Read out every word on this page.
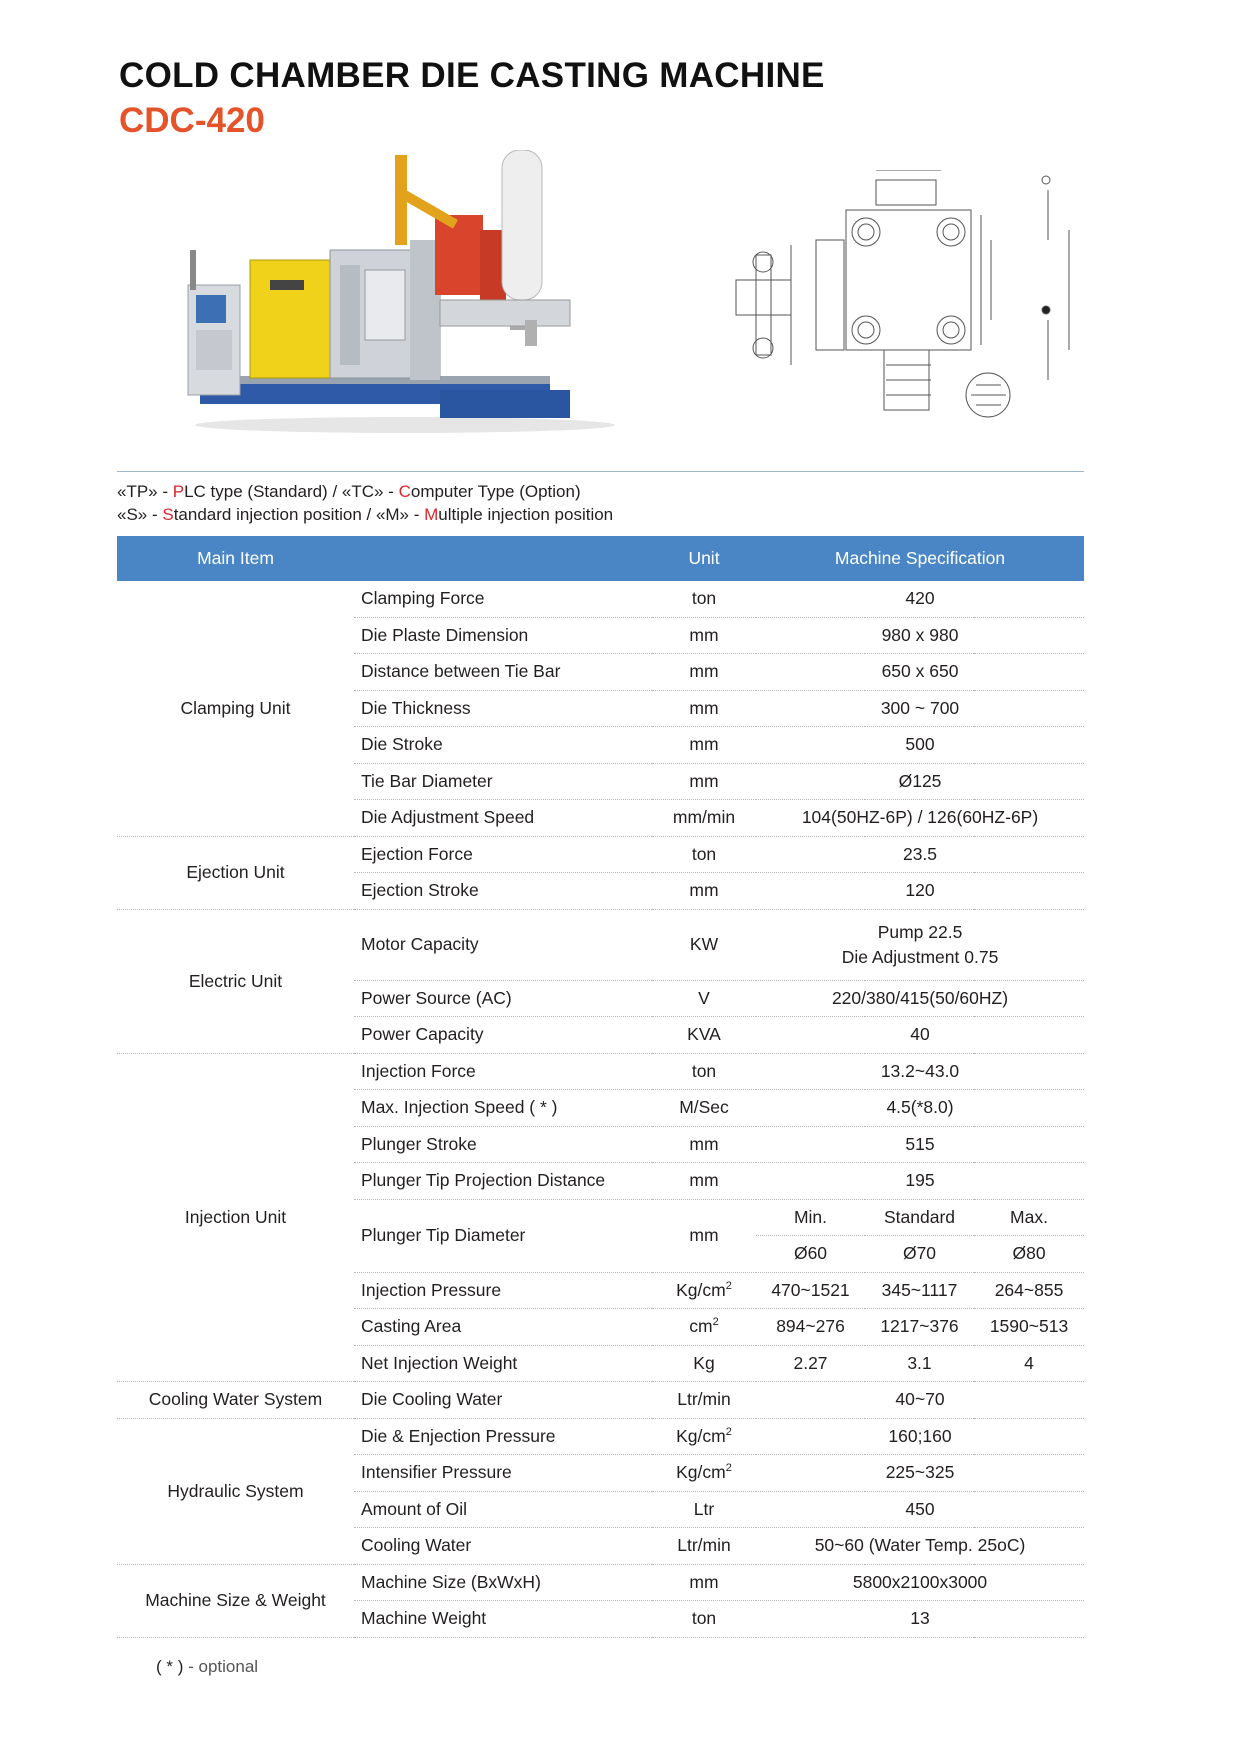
COLD CHAMBER DIE CASTING MACHINE
CDC-420
«TP» - PLC type (Standard) / «TC» - Computer Type (Option)
«S» - Standard injection position / «M» - Multiple injection position
Main Item		Unit	Machine Specification		
Clamping Unit	Clamping Force	ton	420		
	Die Plaste Dimension	mm	980 x 980		
	Distance between Tie Bar	mm	650 x 650		
	Die Thickness	mm	300 ~ 700		
	Die Stroke	mm	500		
	Tie Bar Diameter	mm	Ø125		
	Die Adjustment Speed	mm/min	104(50HZ-6P) / 126(60HZ-6P)		
Ejection Unit	Ejection Force	ton	23.5		
	Ejection Stroke	mm	120		
Electric Unit	Motor Capacity	KW	Pump 22.5
Die Adjustment 0.75		
	Power Source (AC)	V	220/380/415(50/60HZ)		
	Power Capacity	KVA	40		
Injection Unit	Injection Force	ton	13.2~43.0		
	Max. Injection Speed ( * )	M/Sec	4.5(*8.0)		
	Plunger Stroke	mm	515		
	Plunger Tip Projection Distance	mm	195		
	Plunger Tip Diameter	mm	Min.	Standard	Max.
			Ø60	Ø70	Ø80
	Injection Pressure	$Kg/cm^2$	470~1521	345~1117	264~855
	Casting Area	$cm^2$	894~276	1217~376	1590~513
	Net Injection Weight	Kg	2.27	3.1	4
Cooling Water System	Die Cooling Water	Ltr/min	40~70		
Hydraulic System	Die & Enjection Pressure	$Kg/cm^2$	160;160		
	Intensifier Pressure	$Kg/cm^2$	225~325		
	Amount of Oil	Ltr	450		
	Cooling Water	Ltr/min	50~60 (Water Temp. 25oC)		
Machine Size & Weight	Machine Size (BxWxH)	mm	5800x2100x3000		
	Machine Weight	ton	13		
( * ) - optional
